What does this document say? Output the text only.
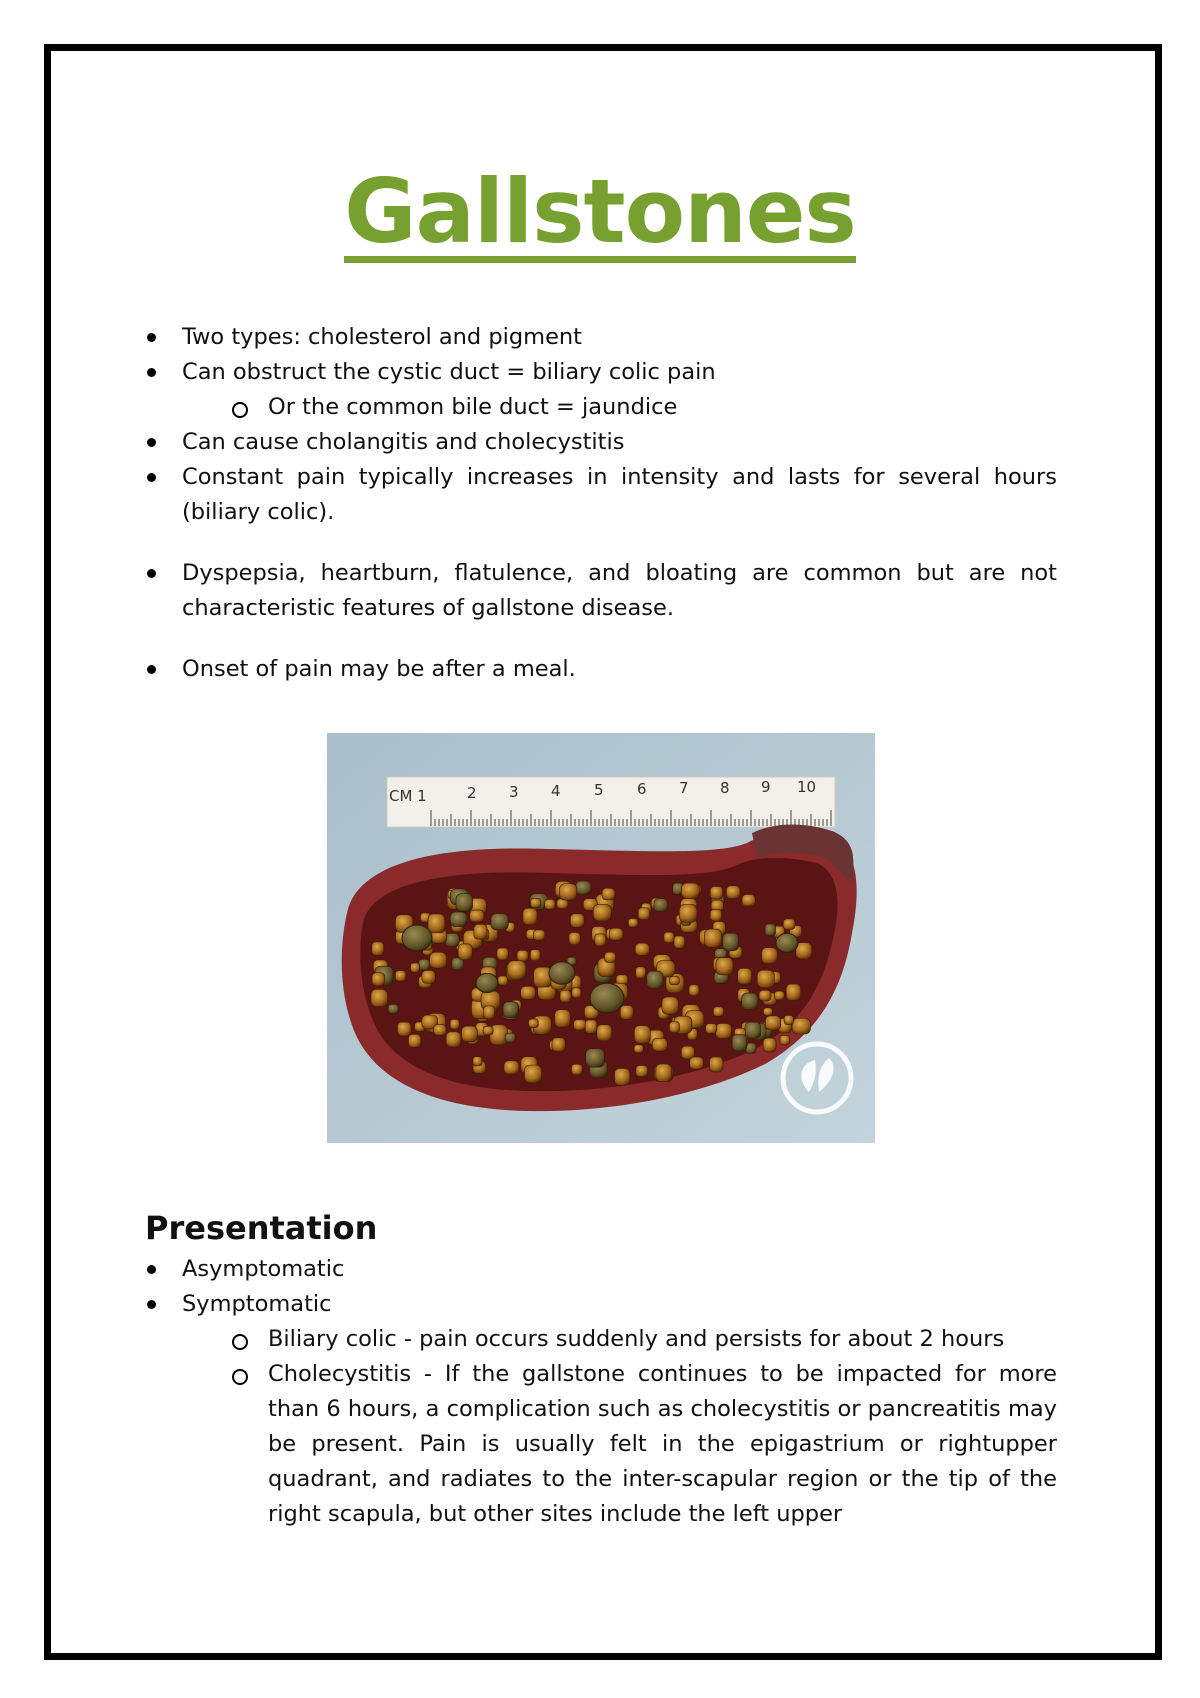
Gallstones
Two types: cholesterol and pigment
Can obstruct the cystic duct = biliary colic pain
Or the common bile duct = jaundice
Can cause cholangitis and cholecystitis
Constant pain typically increases in intensity and lasts for several hours (biliary colic).
Dyspepsia, heartburn, flatulence, and bloating are common but are not characteristic features of gallstone disease.
Onset of pain may be after a meal.
CM 1	2 3 4 5 6 7 8 9 10
Presentation
Asymptomatic
Symptomatic
Biliary colic - pain occurs suddenly and persists for about 2 hours
Cholecystitis - If the gallstone continues to be impacted for more than 6 hours, a complication such as cholecystitis or pancreatitis may be present. Pain is usually felt in the epigastrium or rightupper quadrant, and radiates to the inter-scapular region or the tip of the right scapula, but other sites include the left upper
